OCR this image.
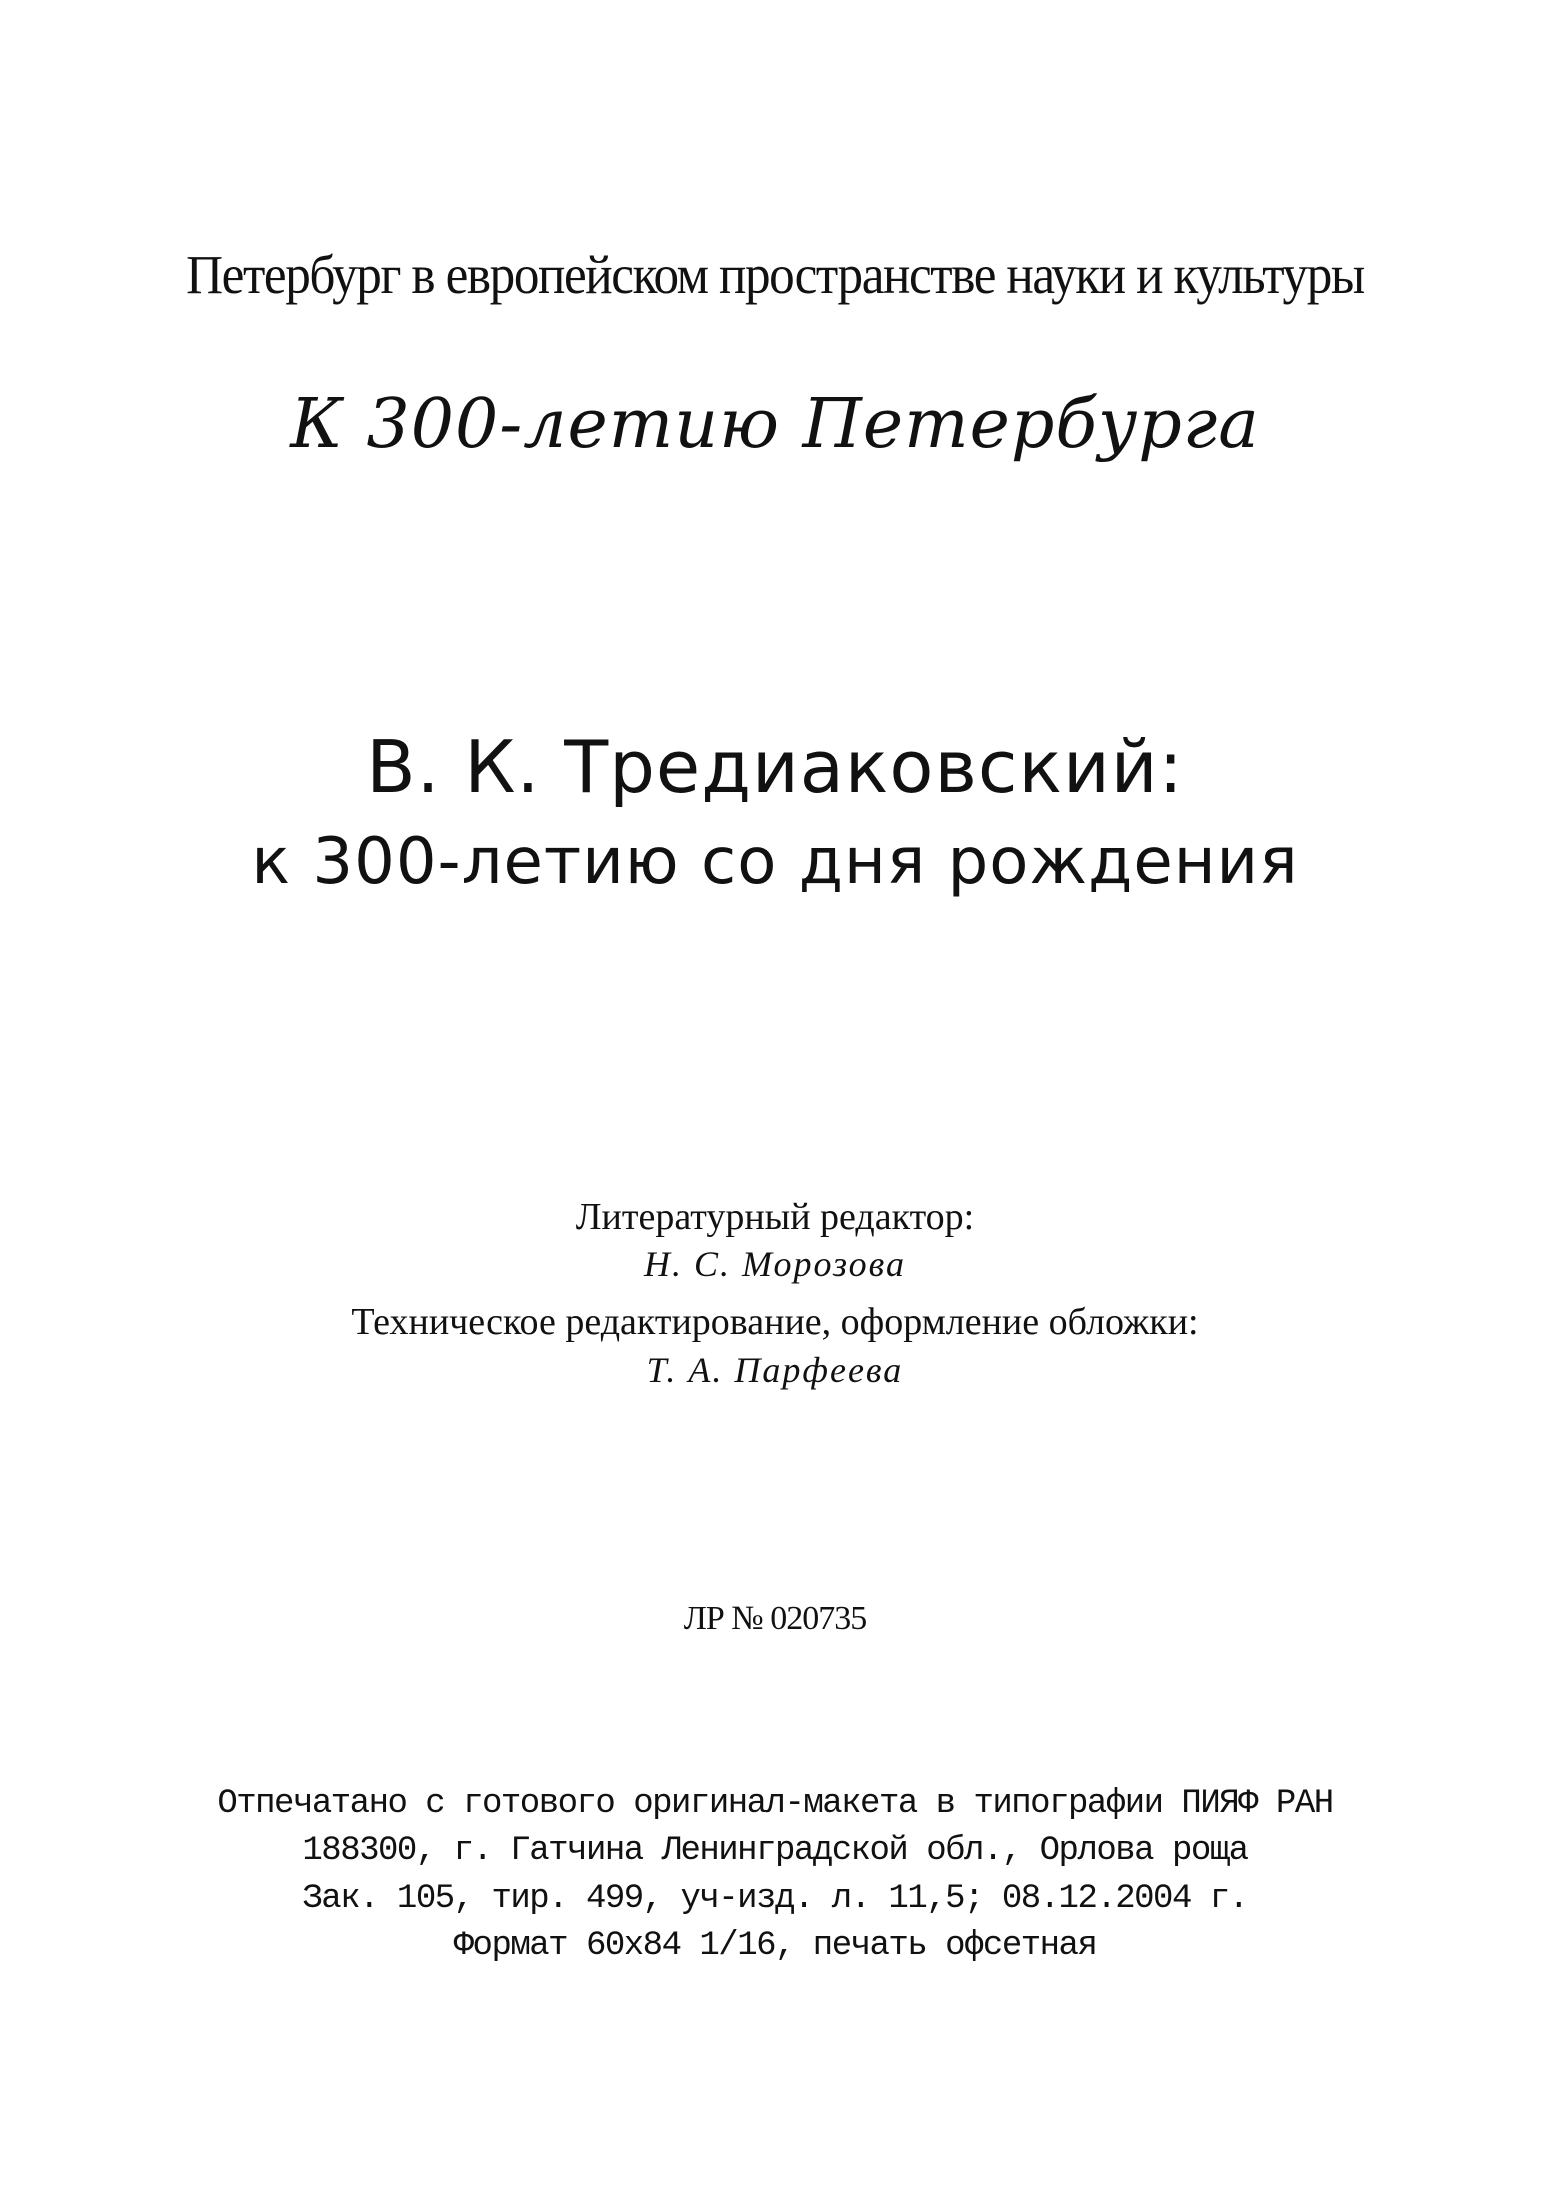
Петербург в европейском пространстве науки и культуры
К 300-летию Петербурга
В. К. Тредиаковский:
к 300-летию со дня рождения
Литературный редактор:
Н. С. Морозова
Техническое редактирование, оформление обложки:
Т. А. Парфеева
ЛР № 020735
Отпечатано с готового оригинал-макета в типографии ПИЯФ РАН
188300, г. Гатчина Ленинградской обл., Орлова роща
Зак. 105, тир. 499, уч-изд. л. 11,5; 08.12.2004 г.
Формат 60х84 1/16, печать офсетная
